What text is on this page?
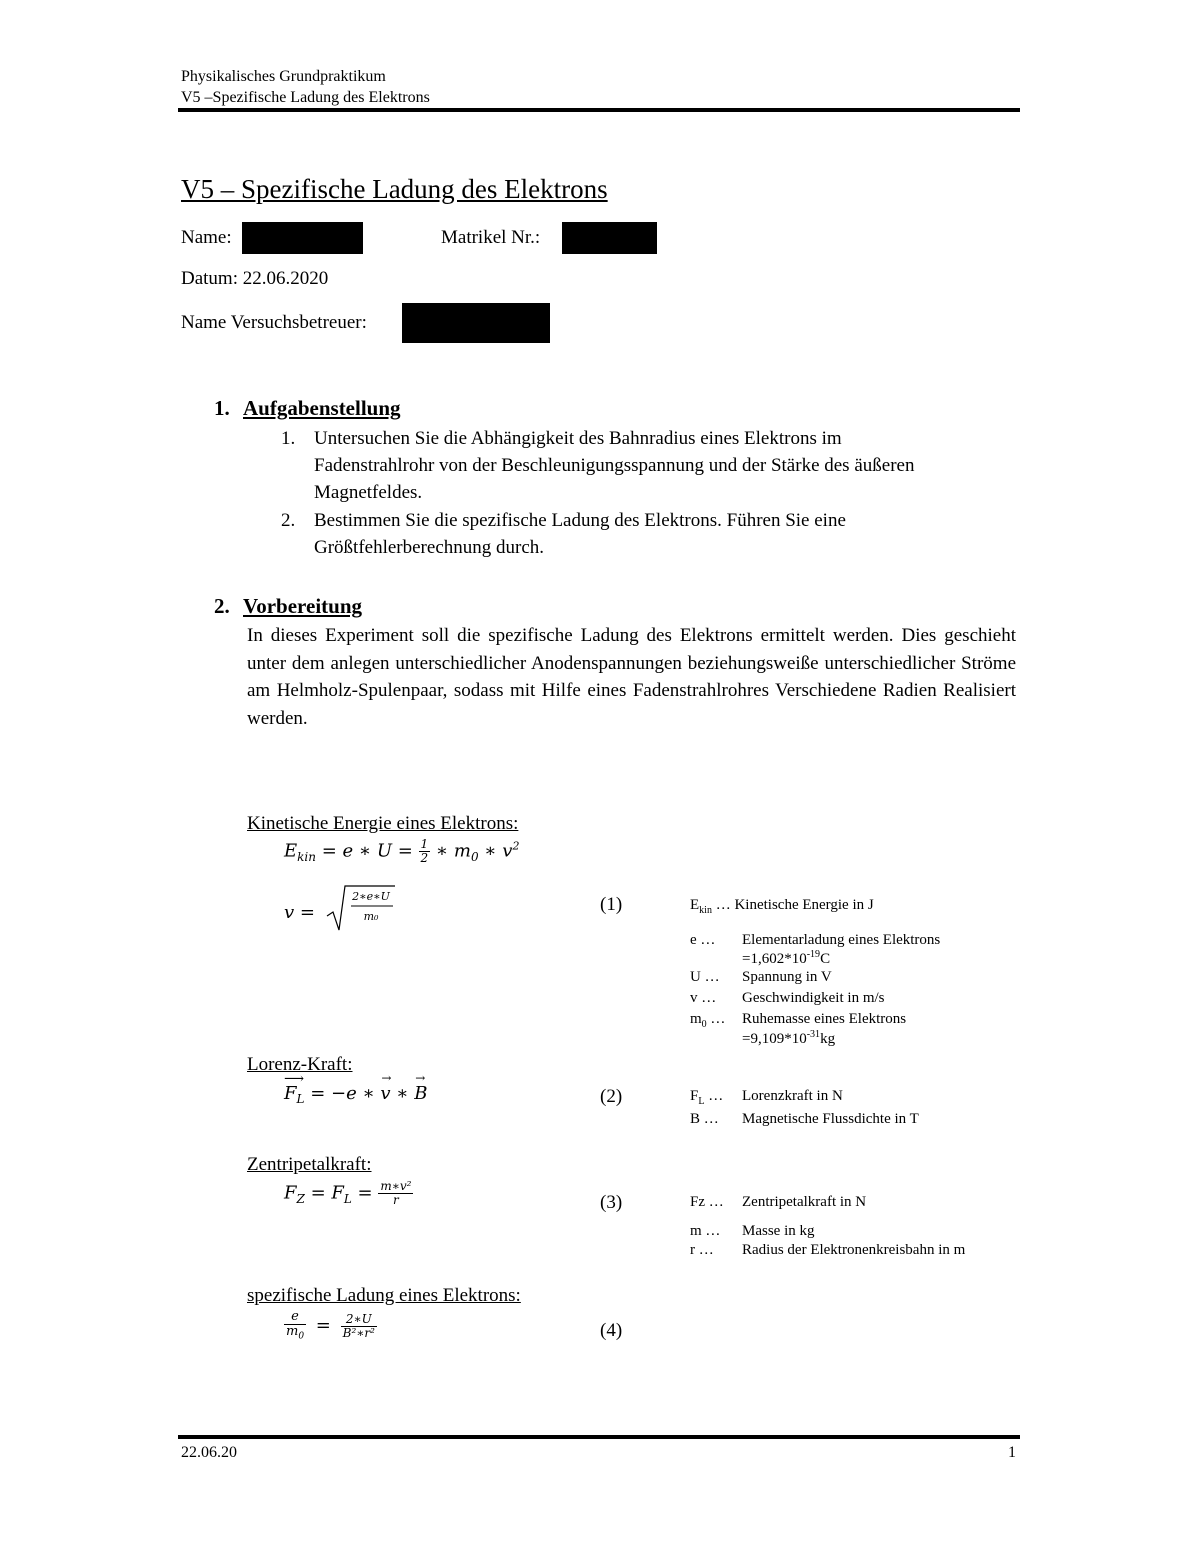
Physikalisches Grundpraktikum
V5 –Spezifische Ladung des Elektrons
V5 – Spezifische Ladung des Elektrons
Name:	Matrikel Nr.:
Datum: 22.06.2020
Name Versuchsbetreuer:
1. Aufgabenstellung
1. Untersuchen Sie die Abhängigkeit des Bahnradius eines Elektrons im
Fadenstrahlrohr von der Beschleunigungsspannung und der Stärke des äußeren
Magnetfeldes.
2. Bestimmen Sie die spezifische Ladung des Elektrons. Führen Sie eine
Größtfehlerberechnung durch.
2. Vorbereitung
In dieses Experiment soll die spezifische Ladung des Elektrons ermittelt werden. Dies geschieht unter dem anlegen unterschiedlicher Anodenspannungen beziehungsweiße unterschiedlicher Ströme am Helmholz-Spulenpaar, sodass mit Hilfe eines Fadenstrahlrohres Verschiedene Radien Realisiert werden.
Kinetische Energie eines Elektrons:
$E_{kin} = e$ ∗ $U = \frac{1}{2}$ ∗ $m_0$ ∗ $v^2$
v =
2∗e∗U
m₀
(1)	$E_{kin}$ … Kinetische Energie in J
e … Elementarladung eines Elektrons
$=1,602*10^{-19}C$
U … Spannung in V
v … Geschwindigkeit in m/s
$m_0$ … Ruhemasse eines Elektrons
$=9,109*10^{-31}kg$
Lorenz-Kraft:
⟶
$F_L = -e$ ∗
→
v ∗
→
B	(2)	$F_L$ … Lorenzkraft in N
B … Magnetische Flussdichte in T
Zentripetalkraft:
$F_Z = F_L = \frac{\text{m∗v²}}{r}$	(3)	Fz … Zentripetalkraft in N
m … Masse in kg
r … Radius der Elektronenkreisbahn in m
spezifische Ladung eines Elektrons:
$\frac{e}{m_0} = \frac{2∗U}{\text{B²∗r²}}$	(4)
22.06.20	1
